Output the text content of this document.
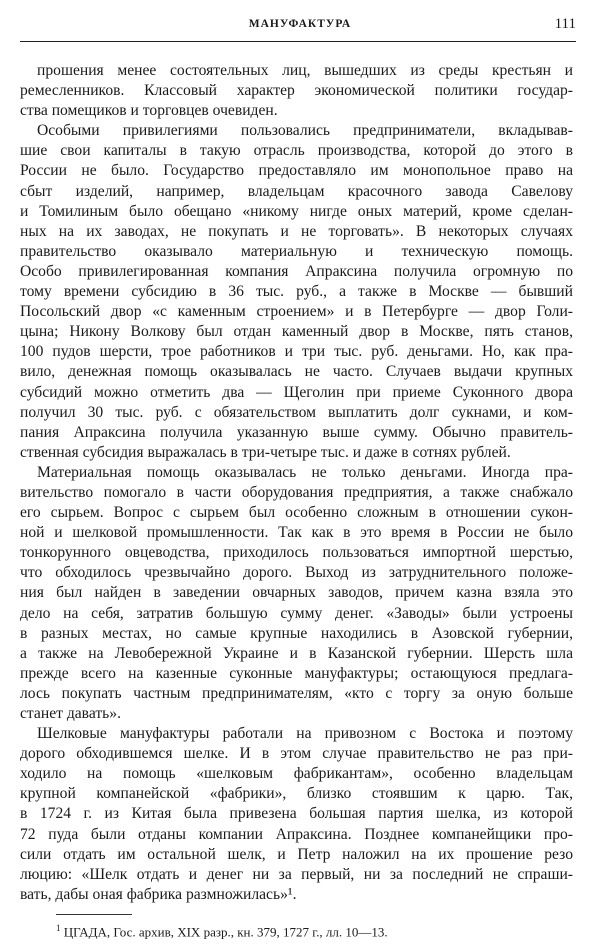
МАНУФАКТУРА	111
прошения менее состоятельных лиц, вышедших из среды крестьян и
ремесленников. Классовый характер экономической политики государ-
ства помещиков и торговцев очевиден.
Особыми привилегиями пользовались предприниматели, вкладывав-
шие свои капиталы в такую отрасль производства, которой до этого в
России не было. Государство предоставляло им монопольное право на
сбыт изделий, например, владельцам красочного завода Савелову
и Томилиным было обещано «никому нигде оных материй, кроме сделан-
ных на их заводах, не покупать и не торговать». В некоторых случаях
правительство оказывало материальную и техническую помощь.
Особо привилегированная компания Апраксина получила огромную по
тому времени субсидию в 36 тыс. руб., а также в Москве — бывший
Посольский двор «с каменным строением» и в Петербурге — двор Голи-
цына; Никону Волкову был отдан каменный двор в Москве, пять станов,
100 пудов шерсти, трое работников и три тыс. руб. деньгами. Но, как пра-
вило, денежная помощь оказывалась не часто. Случаев выдачи крупных
субсидий можно отметить два — Щеголин при приеме Суконного двора
получил 30 тыс. руб. с обязательством выплатить долг сукнами, и ком-
пания Апраксина получила указанную выше сумму. Обычно правитель-
ственная субсидия выражалась в три-четыре тыс. и даже в сотнях рублей.
Материальная помощь оказывалась не только деньгами. Иногда пра-
вительство помогало в части оборудования предприятия, а также снабжало
его сырьем. Вопрос с сырьем был особенно сложным в отношении сукон-
ной и шелковой промышленности. Так как в это время в России не было
тонкорунного овцеводства, приходилось пользоваться импортной шерстью,
что обходилось чрезвычайно дорого. Выход из затруднительного положе-
ния был найден в заведении овчарных заводов, причем казна взяла это
дело на себя, затратив большую сумму денег. «Заводы» были устроены
в разных местах, но самые крупные находились в Азовской губернии,
а также на Левобережной Украине и в Казанской губернии. Шерсть шла
прежде всего на казенные суконные мануфактуры; остающуюся предлага-
лось покупать частным предпринимателям, «кто с торгу за оную больше
станет давать».
Шелковые мануфактуры работали на привозном с Востока и поэтому
дорого обходившемся шелке. И в этом случае правительство не раз при-
ходило на помощь «шелковым фабрикантам», особенно владельцам
крупной компанейской «фабрики», близко стоявшим к царю. Так,
в 1724 г. из Китая была привезена большая партия шелка, из которой
72 пуда были отданы компании Апраксина. Позднее компанейщики про-
сили отдать им остальной шелк, и Петр наложил на их прошение резо
люцию: «Шелк отдать и денег ни за первый, ни за последний не спраши-
вать, дабы оная фабрика размножилась»¹.
$^1$ ЦГАДА, Гос. архив, XIX разр., кн. 379, 1727 г., лл. 10—13.
